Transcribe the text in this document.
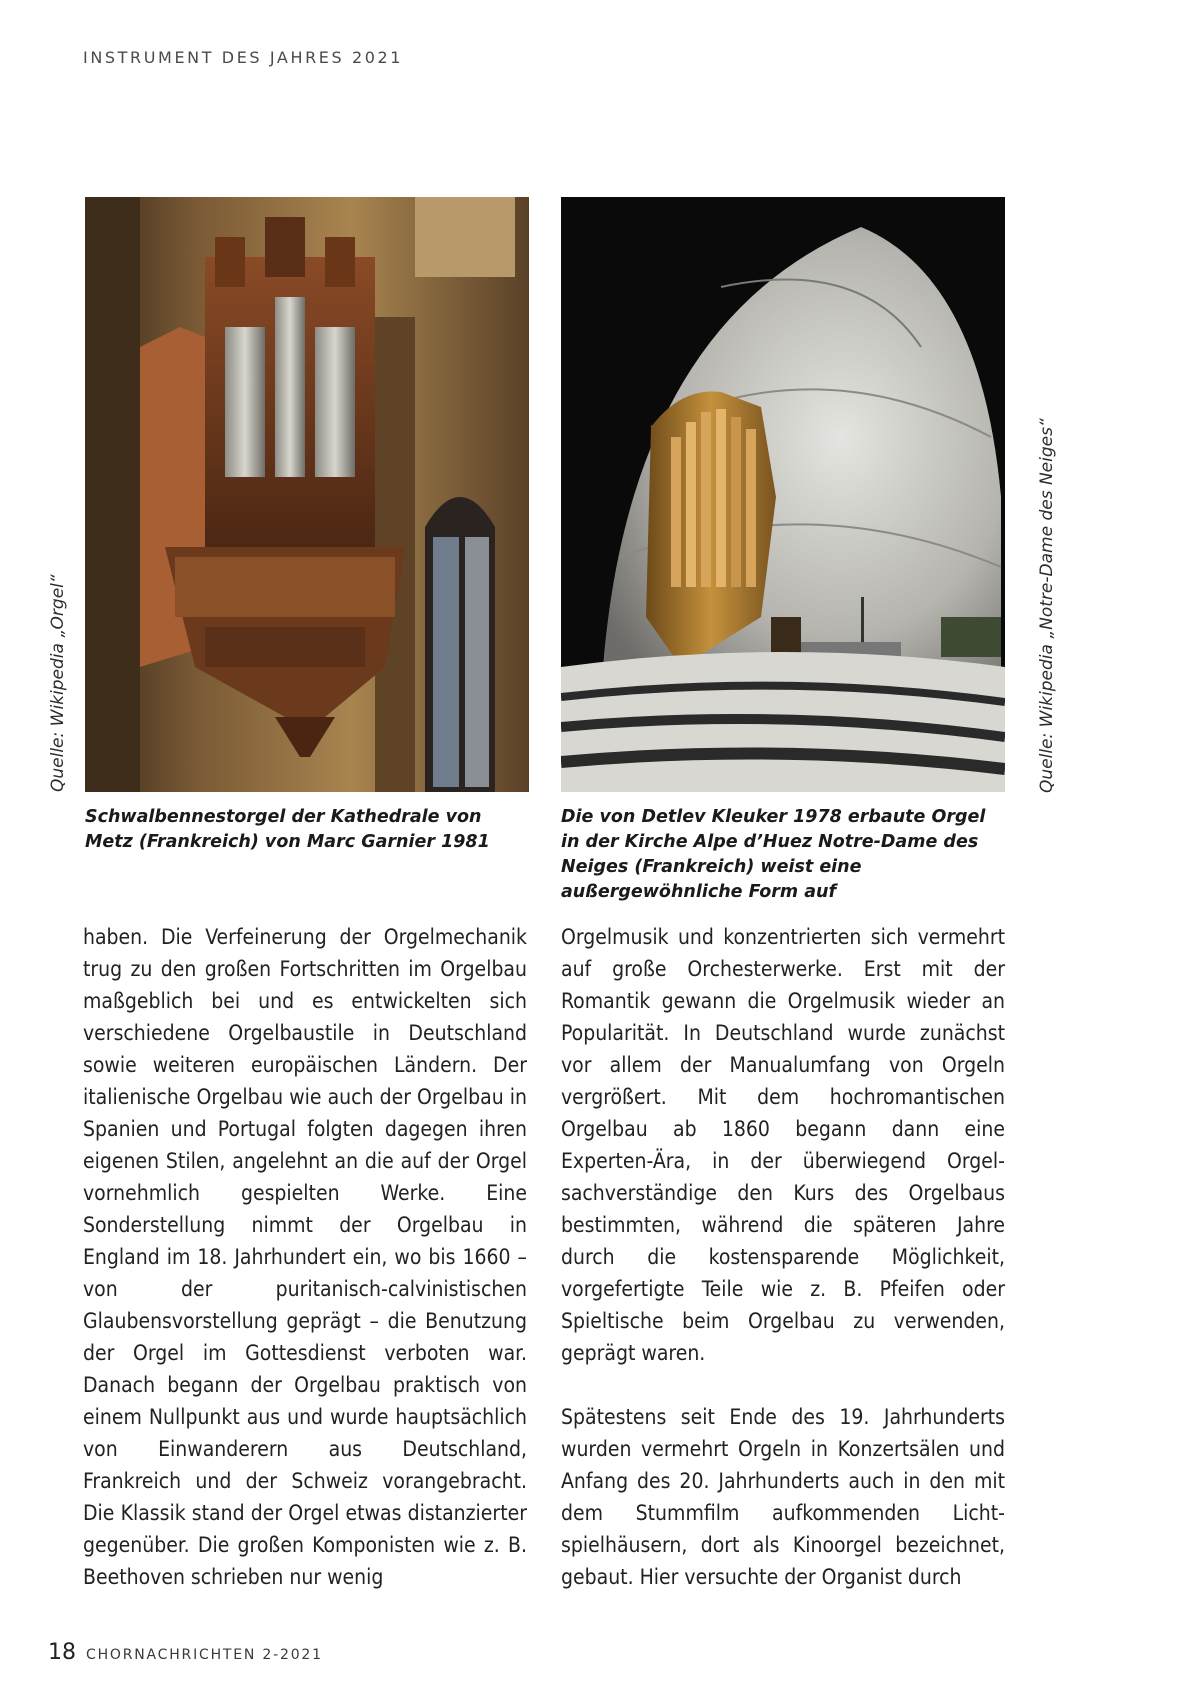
INSTRUMENT DES JAHRES 2021
Quelle: Wikipedia „Orgel“	Quelle: Wikipedia „Notre-Dame des Neiges“
Schwalbennestorgel der Kathedrale von Metz (Frankreich) von Marc Garnier 1981
Die von Detlev Kleuker 1978 erbaute Orgel in der Kirche Alpe d’Huez Notre-Dame des Neiges (Frankreich) weist eine außergewöhnliche Form auf

haben. Die Verfeinerung der Orgelmechanik trug zu den großen Fortschritten im Orgelbau maßgeblich bei und es entwickelten sich verschiedene Orgelbaustile in Deutschland sowie weiteren europäischen Ländern. Der italienische Orgelbau wie auch der Orgelbau in Spanien und Portugal folgten dagegen ihren eigenen Stilen, angelehnt an die auf der Orgel vornehmlich gespielten Werke. Eine Sonderstellung nimmt der Orgelbau in England im 18. Jahrhundert ein, wo bis 1660 – von der puritanisch-calvinistischen Glaubensvorstellung geprägt – die Benutzung der Orgel im Gottesdienst verboten war. Danach begann der Orgelbau praktisch von einem Nullpunkt aus und wurde hauptsächlich von Einwanderern aus Deutschland, Frankreich und der Schweiz vorangebracht. Die Klassik stand der Orgel etwas distanzierter gegenüber. Die großen Komponisten wie z. B. Beethoven schrieben nur wenig

Orgelmusik und konzentrierten sich vermehrt auf große Orchesterwerke. Erst mit der Romantik gewann die Orgelmusik wieder an Popularität. In Deutschland wurde zunächst vor allem der Manualumfang von Orgeln vergrößert. Mit dem hochromantischen Orgelbau ab 1860 begann dann eine Experten-Ära, in der überwiegend Orgelsachverständige den Kurs des Orgelbaus bestimmten, während die späteren Jahre durch die kostensparende Möglichkeit, vorgefertigte Teile wie z. B. Pfeifen oder Spieltische beim Orgelbau zu verwenden, geprägt waren.

Spätestens seit Ende des 19. Jahrhunderts wurden vermehrt Orgeln in Konzertsälen und Anfang des 20. Jahrhunderts auch in den mit dem Stummfilm aufkommenden Lichtspielhäusern, dort als Kinoorgel bezeichnet, gebaut. Hier versuchte der Organist durch

18 CHORNACHRICHTEN 2-2021
